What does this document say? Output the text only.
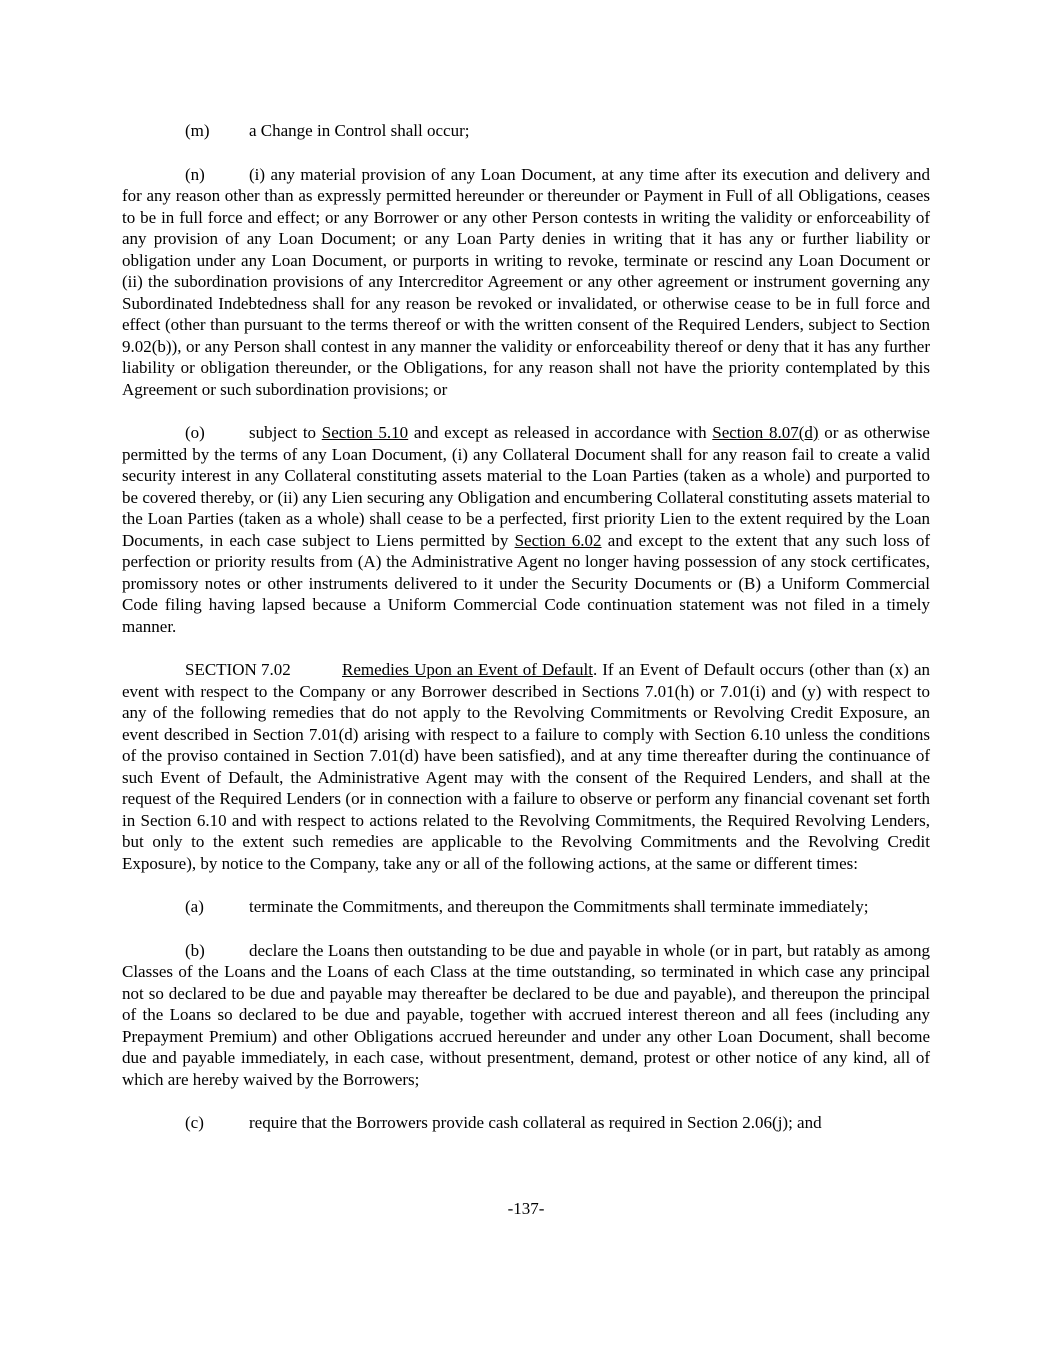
(m) a Change in Control shall occur;

(n)	(i) any material provision of any Loan Document, at any time after its execution and delivery and for any reason other than as expressly permitted hereunder or thereunder or Payment in Full of all Obligations, ceases to be in full force and effect; or any Borrower or any other Person contests in writing the validity or enforceability of any provision of any Loan Document; or any Loan Party denies in writing that it has any or further liability or obligation under any Loan Document, or purports in writing to revoke, terminate or rescind any Loan Document or (ii) the subordination provisions of any Intercreditor Agreement or any other agreement or instrument governing any Subordinated Indebtedness shall for any reason be revoked or invalidated, or otherwise cease to be in full force and effect (other than pursuant to the terms thereof or with the written consent of the Required Lenders, subject to Section 9.02(b)), or any Person shall contest in any manner the validity or enforceability thereof or deny that it has any further liability or obligation thereunder, or the Obligations, for any reason shall not have the priority contemplated by this Agreement or such subordination provisions; or

(o)	subject to Section 5.10 and except as released in accordance with Section 8.07(d) or as otherwise permitted by the terms of any Loan Document, (i) any Collateral Document shall for any reason fail to create a valid security interest in any Collateral constituting assets material to the Loan Parties (taken as a whole) and purported to be covered thereby, or (ii) any Lien securing any Obligation and encumbering Collateral constituting assets material to the Loan Parties (taken as a whole) shall cease to be a perfected, first priority Lien to the extent required by the Loan Documents, in each case subject to Liens permitted by Section 6.02 and except to the extent that any such loss of perfection or priority results from (A) the Administrative Agent no longer having possession of any stock certificates, promissory notes or other instruments delivered to it under the Security Documents or (B) a Uniform Commercial Code filing having lapsed because a Uniform Commercial Code continuation statement was not filed in a timely manner.

SECTION 7.02	Remedies Upon an Event of Default. If an Event of Default occurs (other than (x) an event with respect to the Company or any Borrower described in Sections 7.01(h) or 7.01(i) and (y) with respect to any of the following remedies that do not apply to the Revolving Commitments or Revolving Credit Exposure, an event described in Section 7.01(d) arising with respect to a failure to comply with Section 6.10 unless the conditions of the proviso contained in Section 7.01(d) have been satisfied), and at any time thereafter during the continuance of such Event of Default, the Administrative Agent may with the consent of the Required Lenders, and shall at the request of the Required Lenders (or in connection with a failure to observe or perform any financial covenant set forth in Section 6.10 and with respect to actions related to the Revolving Commitments, the Required Revolving Lenders, but only to the extent such remedies are applicable to the Revolving Commitments and the Revolving Credit Exposure), by notice to the Company, take any or all of the following actions, at the same or different times:

(a)	terminate the Commitments, and thereupon the Commitments shall terminate immediately;

(b)	declare the Loans then outstanding to be due and payable in whole (or in part, but ratably as among Classes of the Loans and the Loans of each Class at the time outstanding, so terminated in which case any principal not so declared to be due and payable may thereafter be declared to be due and payable), and thereupon the principal of the Loans so declared to be due and payable, together with accrued interest thereon and all fees (including any Prepayment Premium) and other Obligations accrued hereunder and under any other Loan Document, shall become due and payable immediately, in each case, without presentment, demand, protest or other notice of any kind, all of which are hereby waived by the Borrowers;

(c)	require that the Borrowers provide cash collateral as required in Section 2.06(j); and

-137-
